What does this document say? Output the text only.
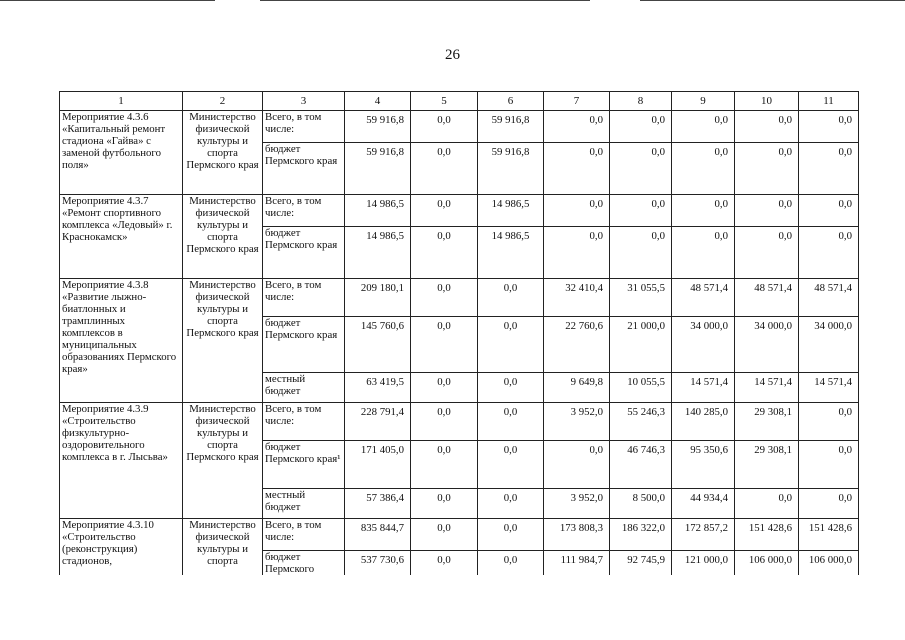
26
1	2	3	4	5	6	7	8	9	10	11
Мероприятие 4.3.6 «Капитальный ремонт стадиона «Гайва» с заменой футбольного поля»	Министерство физической культуры и спорта Пермского края	Всего, в том числе:	59 916,8	0,0	59 916,8	0,0	0,0	0,0	0,0	0,0
		бюджет Пермского края	59 916,8	0,0	59 916,8	0,0	0,0	0,0	0,0	0,0
Мероприятие 4.3.7 «Ремонт спортивного комплекса «Ледовый» г. Краснокамск»	Министерство физической культуры и спорта Пермского края	Всего, в том числе:	14 986,5	0,0	14 986,5	0,0	0,0	0,0	0,0	0,0
		бюджет Пермского края	14 986,5	0,0	14 986,5	0,0	0,0	0,0	0,0	0,0
Мероприятие 4.3.8 «Развитие лыжно-биатлонных и трамплинных комплексов в муниципальных образованиях Пермского края»	Министерство физической культуры и спорта Пермского края	Всего, в том числе:	209 180,1	0,0	0,0	32 410,4	31 055,5	48 571,4	48 571,4	48 571,4
		бюджет Пермского края	145 760,6	0,0	0,0	22 760,6	21 000,0	34 000,0	34 000,0	34 000,0
		местный бюджет	63 419,5	0,0	0,0	9 649,8	10 055,5	14 571,4	14 571,4	14 571,4
Мероприятие 4.3.9 «Строительство физкультурно-оздоровительного комплекса в г. Лысьва»	Министерство физической культуры и спорта Пермского края	Всего, в том числе:	228 791,4	0,0	0,0	3 952,0	55 246,3	140 285,0	29 308,1	0,0
		бюджет Пермского края¹	171 405,0	0,0	0,0	0,0	46 746,3	95 350,6	29 308,1	0,0
		местный бюджет	57 386,4	0,0	0,0	3 952,0	8 500,0	44 934,4	0,0	0,0
Мероприятие 4.3.10 «Строительство (реконструкция) стадионов,	Министерство физической культуры и спорта	Всего, в том числе:	835 844,7	0,0	0,0	173 808,3	186 322,0	172 857,2	151 428,6	151 428,6
		бюджет Пермского	537 730,6	0,0	0,0	111 984,7	92 745,9	121 000,0	106 000,0	106 000,0
